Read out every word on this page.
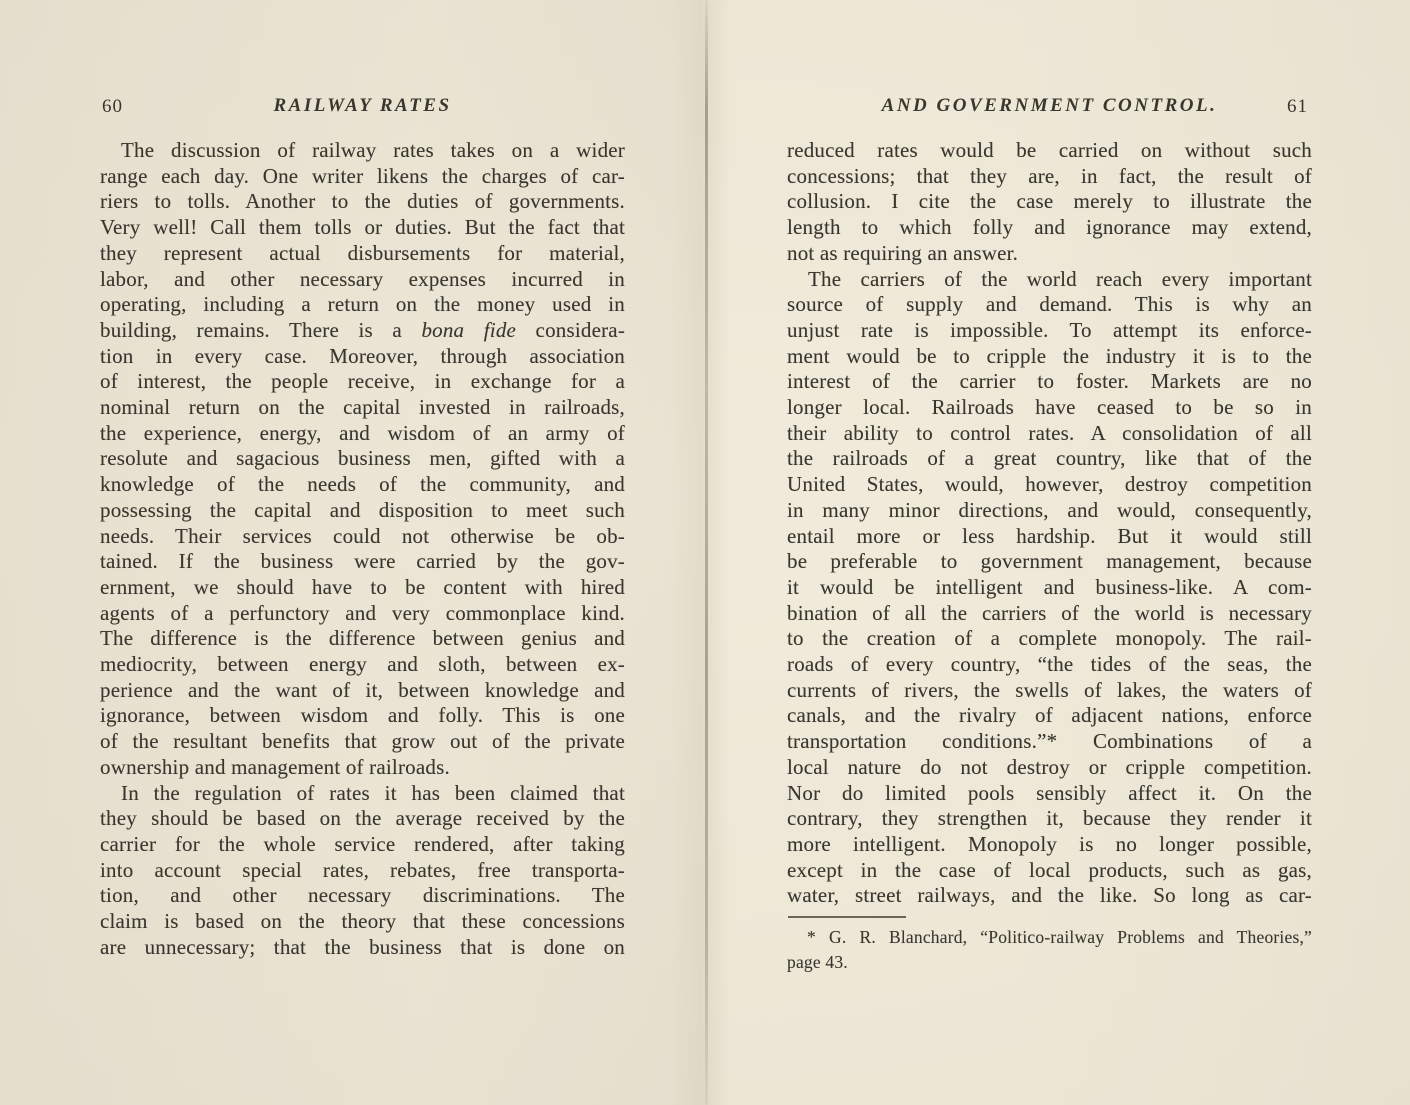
60	RAILWAY RATES
The discussion of railway rates takes on a wider
range each day. One writer likens the charges of car-
riers to tolls. Another to the duties of governments.
Very well! Call them tolls or duties. But the fact that
they represent actual disbursements for material,
labor, and other necessary expenses incurred in
operating, including a return on the money used in
building, remains. There is a bona fide considera-
tion in every case. Moreover, through association
of interest, the people receive, in exchange for a
nominal return on the capital invested in railroads,
the experience, energy, and wisdom of an army of
resolute and sagacious business men, gifted with a
knowledge of the needs of the community, and
possessing the capital and disposition to meet such
needs. Their services could not otherwise be ob-
tained. If the business were carried by the gov-
ernment, we should have to be content with hired
agents of a perfunctory and very commonplace kind.
The difference is the difference between genius and
mediocrity, between energy and sloth, between ex-
perience and the want of it, between knowledge and
ignorance, between wisdom and folly. This is one
of the resultant benefits that grow out of the private
ownership and management of railroads.
In the regulation of rates it has been claimed that
they should be based on the average received by the
carrier for the whole service rendered, after taking
into account special rates, rebates, free transporta-
tion, and other necessary discriminations. The
claim is based on the theory that these concessions
are unnecessary; that the business that is done on
61
AND GOVERNMENT CONTROL.
reduced rates would be carried on without such
concessions; that they are, in fact, the result of
collusion. I cite the case merely to illustrate the
length to which folly and ignorance may extend,
not as requiring an answer.
The carriers of the world reach every important
source of supply and demand. This is why an
unjust rate is impossible. To attempt its enforce-
ment would be to cripple the industry it is to the
interest of the carrier to foster. Markets are no
longer local. Railroads have ceased to be so in
their ability to control rates. A consolidation of all
the railroads of a great country, like that of the
United States, would, however, destroy competition
in many minor directions, and would, consequently,
entail more or less hardship. But it would still
be preferable to government management, because
it would be intelligent and business-like. A com-
bination of all the carriers of the world is necessary
to the creation of a complete monopoly. The rail-
roads of every country, “the tides of the seas, the
currents of rivers, the swells of lakes, the waters of
canals, and the rivalry of adjacent nations, enforce
transportation conditions.”* Combinations of a
local nature do not destroy or cripple competition.
Nor do limited pools sensibly affect it. On the
contrary, they strengthen it, because they render it
more intelligent. Monopoly is no longer possible,
except in the case of local products, such as gas,
water, street railways, and the like. So long as car-
* G. R. Blanchard, “Politico-railway Problems and Theories,”
page 43.
